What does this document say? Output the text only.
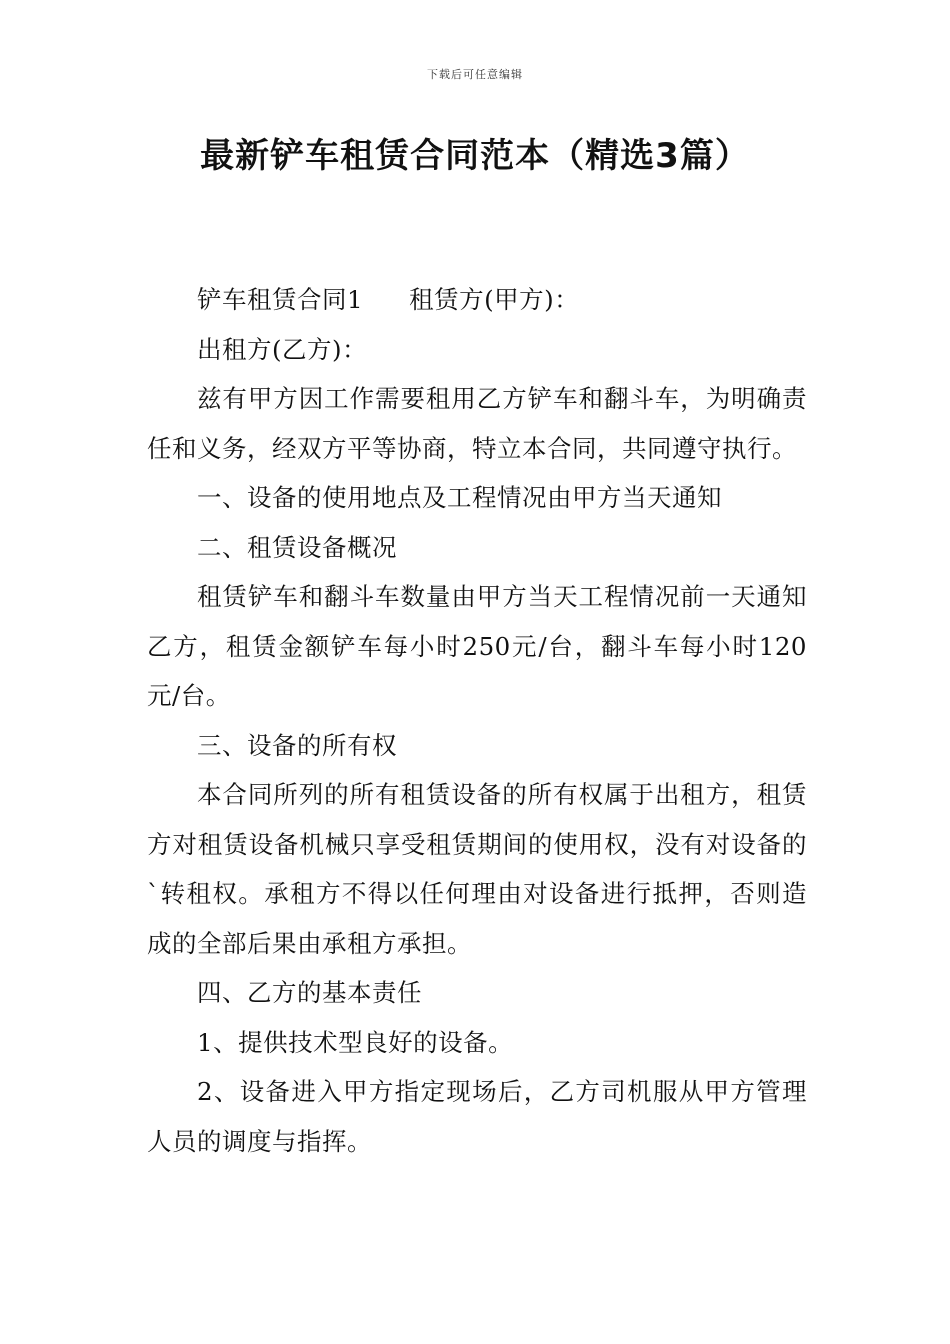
下载后可任意编辑
最新铲车租赁合同范本（精选3篇）

铲车租赁合同1 租赁方(甲方)：

出租方(乙方)：

兹有甲方因工作需要租用乙方铲车和翻斗车，为明确责任和义务，经双方平等协商，特立本合同，共同遵守执行。

一、设备的使用地点及工程情况由甲方当天通知

二、租赁设备概况

租赁铲车和翻斗车数量由甲方当天工程情况前一天通知乙方，租赁金额铲车每小时250元/台，翻斗车每小时120元/台。

三、设备的所有权

本合同所列的所有租赁设备的所有权属于出租方，租赁方对租赁设备机械只享受租赁期间的使用权，没有对设备的`转租权。承租方不得以任何理由对设备进行抵押，否则造成的全部后果由承租方承担。

四、乙方的基本责任

1、提供技术型良好的设备。

2、设备进入甲方指定现场后，乙方司机服从甲方管理人员的调度与指挥。
